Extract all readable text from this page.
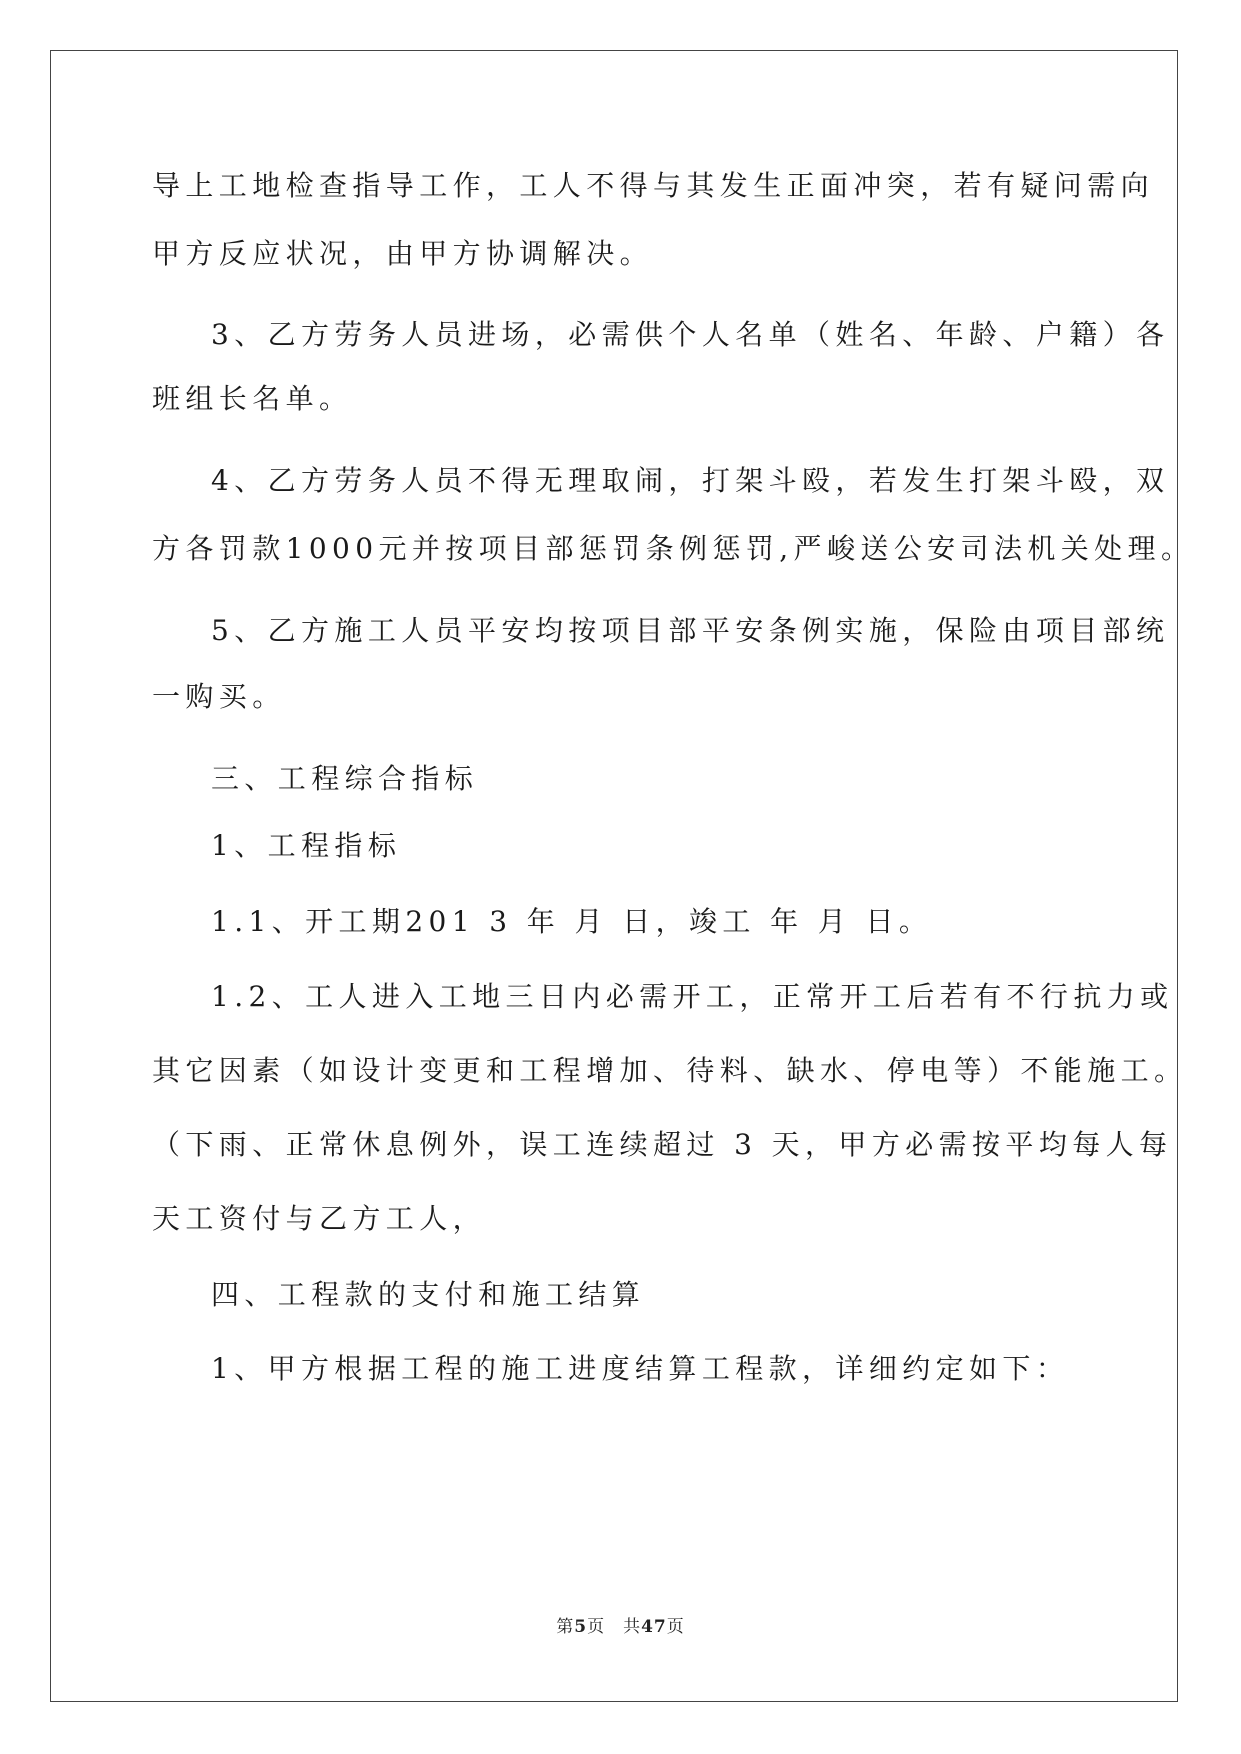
导上工地检查指导工作，工人不得与其发生正面冲突，若有疑问需向
甲方反应状况，由甲方协调解决。
3、乙方劳务人员进场，必需供个人名单（姓名、年龄、户籍）各
班组长名单。
4、乙方劳务人员不得无理取闹，打架斗殴，若发生打架斗殴，双
方各罚款1000元并按项目部惩罚条例惩罚,严峻送公安司法机关处理。
5、乙方施工人员平安均按项目部平安条例实施，保险由项目部统
一购买。
三、工程综合指标
1、工程指标
1.1、开工期201 3 年 月 日，竣工 年 月 日。
1.2、工人进入工地三日内必需开工，正常开工后若有不行抗力或
其它因素（如设计变更和工程增加、待料、缺水、停电等）不能施工。
（下雨、正常休息例外，误工连续超过 3 天，甲方必需按平均每人每
天工资付与乙方工人，
四、工程款的支付和施工结算
1、甲方根据工程的施工进度结算工程款，详细约定如下：
第5页 共47页
